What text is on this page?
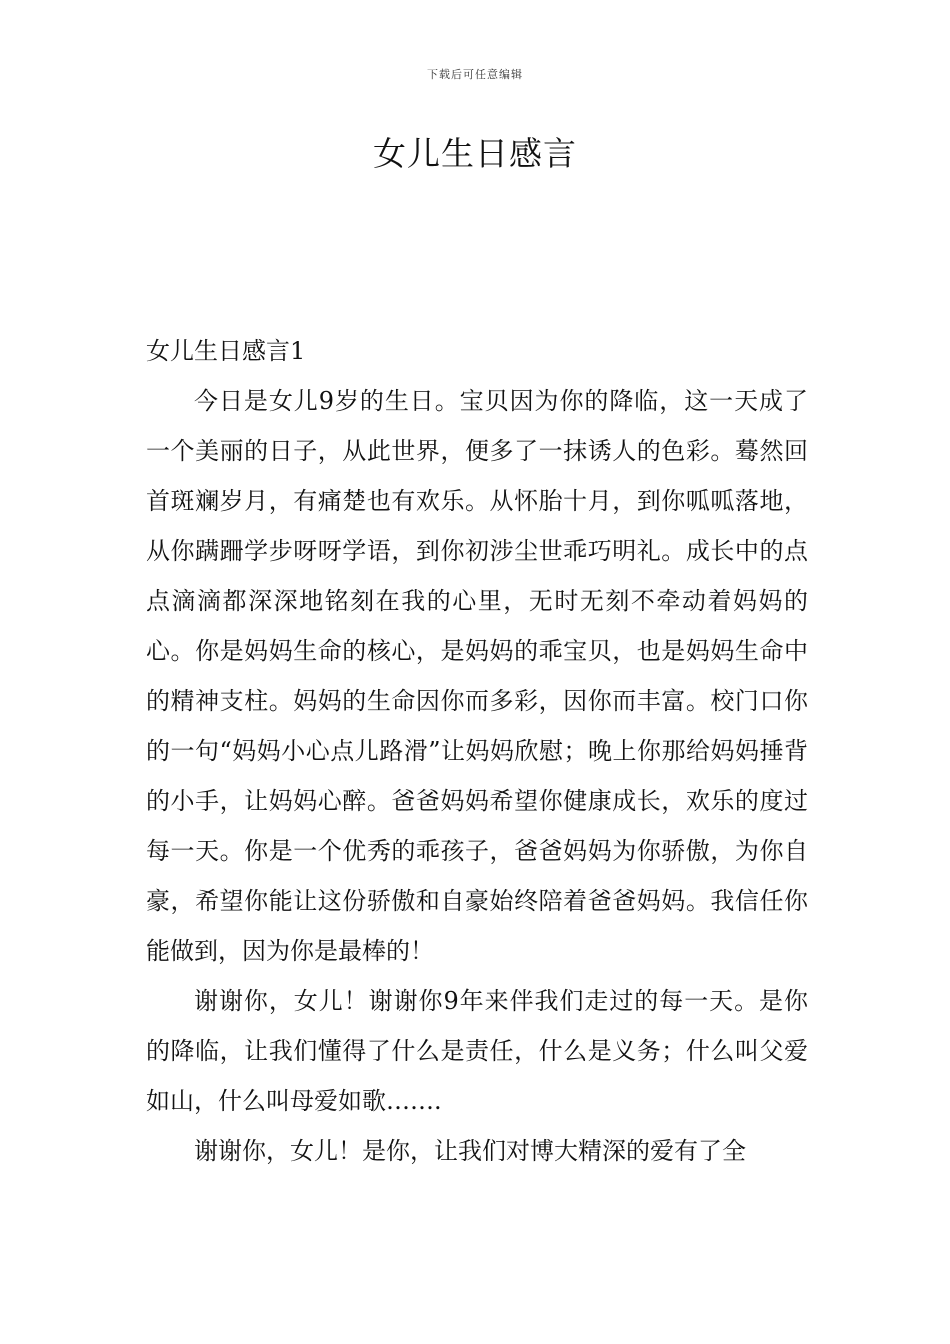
下载后可任意编辑
女儿生日感言
女儿生日感言1

今日是女儿9岁的生日。宝贝因为你的降临，这一天成了一个美丽的日子，从此世界，便多了一抹诱人的色彩。蓦然回首斑斓岁月，有痛楚也有欢乐。从怀胎十月，到你呱呱落地，从你蹒跚学步呀呀学语，到你初涉尘世乖巧明礼。成长中的点点滴滴都深深地铭刻在我的心里，无时无刻不牵动着妈妈的心。你是妈妈生命的核心，是妈妈的乖宝贝，也是妈妈生命中的精神支柱。妈妈的生命因你而多彩，因你而丰富。校门口你的一句“妈妈小心点儿路滑”让妈妈欣慰；晚上你那给妈妈捶背的小手，让妈妈心醉。爸爸妈妈希望你健康成长，欢乐的度过每一天。你是一个优秀的乖孩子，爸爸妈妈为你骄傲，为你自豪，希望你能让这份骄傲和自豪始终陪着爸爸妈妈。我信任你能做到，因为你是最棒的！

谢谢你，女儿！谢谢你9年来伴我们走过的每一天。是你的降临，让我们懂得了什么是责任，什么是义务；什么叫父爱如山，什么叫母爱如歌…….

谢谢你，女儿！是你，让我们对博大精深的爱有了全
